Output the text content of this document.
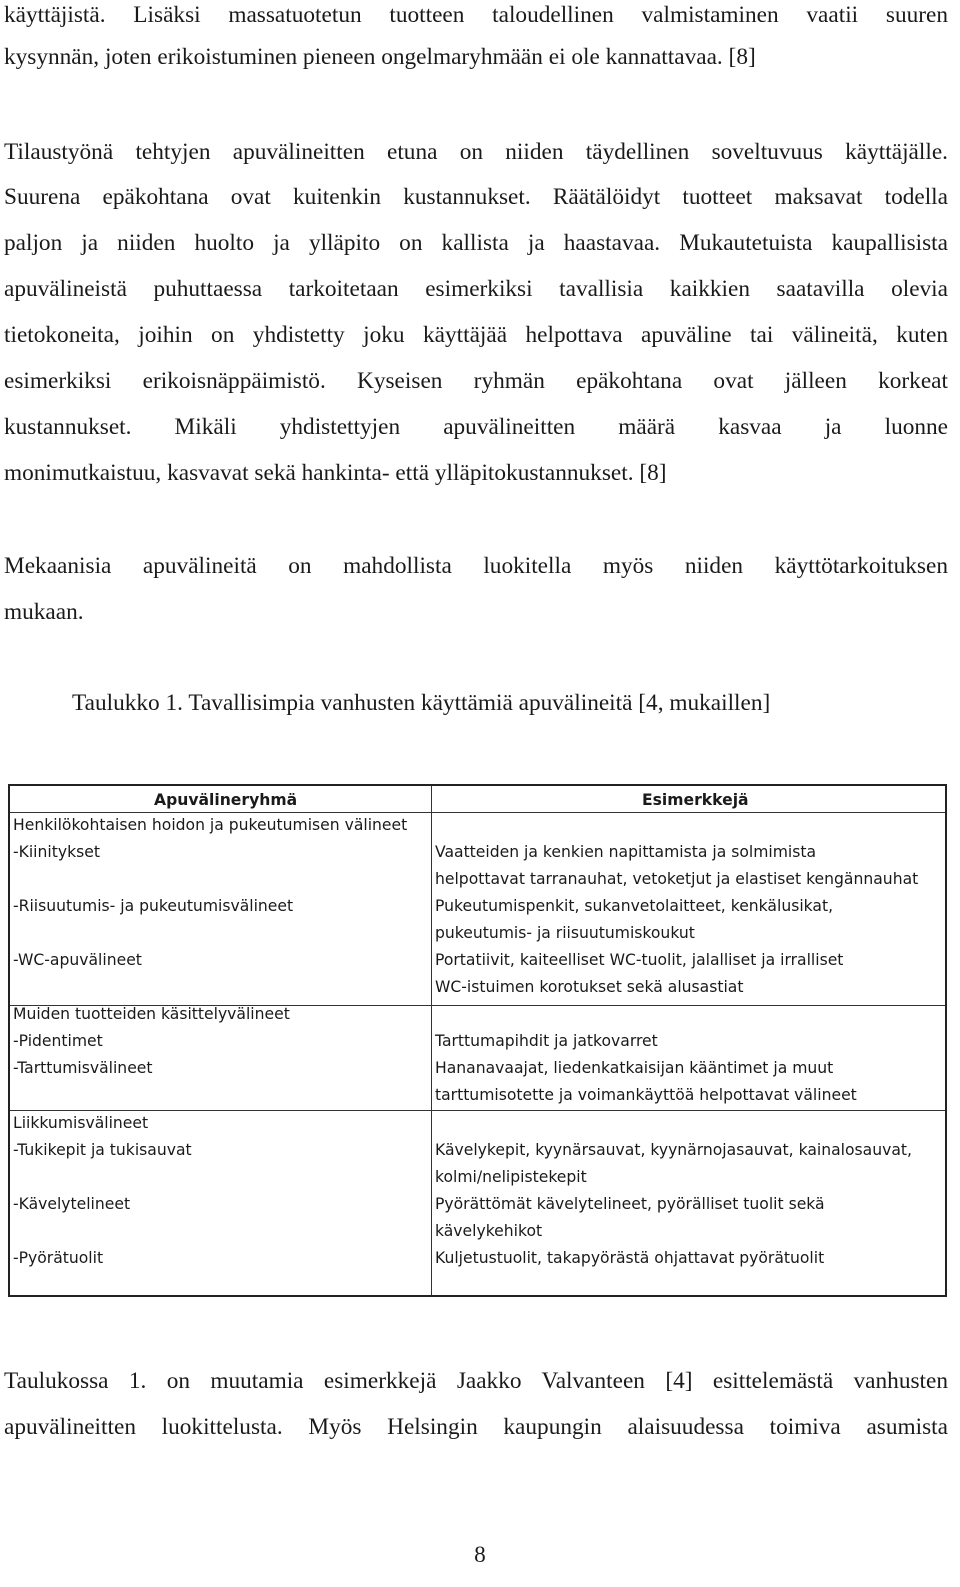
käyttäjistä. Lisäksi massatuotetun tuotteen taloudellinen valmistaminen vaatii suuren
kysynnän, joten erikoistuminen pieneen ongelmaryhmään ei ole kannattavaa. [8]
Tilaustyönä tehtyjen apuvälineitten etuna on niiden täydellinen soveltuvuus käyttäjälle.
Suurena epäkohtana ovat kuitenkin kustannukset. Räätälöidyt tuotteet maksavat todella
paljon ja niiden huolto ja ylläpito on kallista ja haastavaa. Mukautetuista kaupallisista
apuvälineistä puhuttaessa tarkoitetaan esimerkiksi tavallisia kaikkien saatavilla olevia
tietokoneita, joihin on yhdistetty joku käyttäjää helpottava apuväline tai välineitä, kuten
esimerkiksi erikoisnäppäimistö. Kyseisen ryhmän epäkohtana ovat jälleen korkeat
kustannukset. Mikäli yhdistettyjen apuvälineitten määrä kasvaa ja luonne
monimutkaistuu, kasvavat sekä hankinta- että ylläpitokustannukset. [8]
Mekaanisia apuvälineitä on mahdollista luokitella myös niiden käyttötarkoituksen
mukaan.
Taulukko 1. Tavallisimpia vanhusten käyttämiä apuvälineitä [4, mukaillen]
Apuvälineryhmä	Esimerkkejä
Henkilökohtaisen hoidon ja pukeutumisen välineet
-Kiinitykset
-Riisuutumis- ja pukeutumisvälineet
-WC-apuvälineet
Muiden tuotteiden käsittelyvälineet
-Pidentimet
-Tarttumisvälineet
Liikkumisvälineet
-Tukikepit ja tukisauvat
-Kävelytelineet
-Pyörätuolit
Vaatteiden ja kenkien napittamista ja solmimista
helpottavat tarranauhat, vetoketjut ja elastiset kengännauhat
Pukeutumispenkit, sukanvetolaitteet, kenkälusikat,
pukeutumis- ja riisuutumiskoukut
Portatiivit, kaiteelliset WC-tuolit, jalalliset ja irralliset
WC-istuimen korotukset sekä alusastiat
Tarttumapihdit ja jatkovarret
Hananavaajat, liedenkatkaisijan kääntimet ja muut
tarttumisotette ja voimankäyttöä helpottavat välineet
Kävelykepit, kyynärsauvat, kyynärnojasauvat, kainalosauvat,
kolmi/nelipistekepit
Pyörättömät kävelytelineet, pyörälliset tuolit sekä
kävelykehikot
Kuljetustuolit, takapyörästä ohjattavat pyörätuolit
Taulukossa 1. on muutamia esimerkkejä Jaakko Valvanteen [4] esittelemästä vanhusten
apuvälineitten luokittelusta. Myös Helsingin kaupungin alaisuudessa toimiva asumista
8
